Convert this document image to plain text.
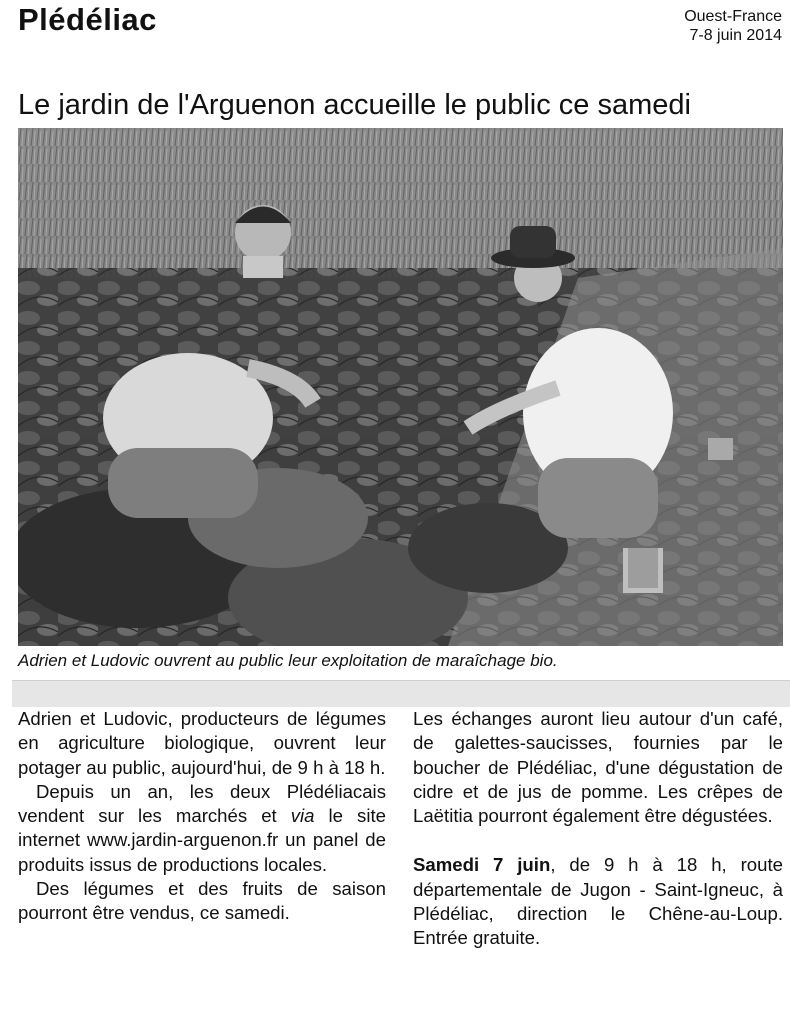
Plédéliac	Ouest-France
7-8 juin 2014
Le jardin de l'Arguenon accueille le public ce samedi
Adrien et Ludovic ouvrent au public leur exploitation de maraîchage bio.

Adrien et Ludovic, producteurs de légumes en agriculture biologique, ouvrent leur potager au public, aujourd'hui, de 9 h à 18 h.

Depuis un an, les deux Plédéliacais vendent sur les marchés et via le site internet www.jardin-arguenon.fr un panel de produits issus de productions locales.

Des légumes et des fruits de saison pourront être vendus, ce samedi.

Les échanges auront lieu autour d'un café, de galettes-saucisses, fournies par le boucher de Plédéliac, d'une dégustation de cidre et de jus de pomme. Les crêpes de Laëtitia pourront également être dégustées.

Samedi 7 juin, de 9 h à 18 h, route départementale de Jugon - Saint-Igneuc, à Plédéliac, direction le Chêne-au-Loup. Entrée gratuite.
